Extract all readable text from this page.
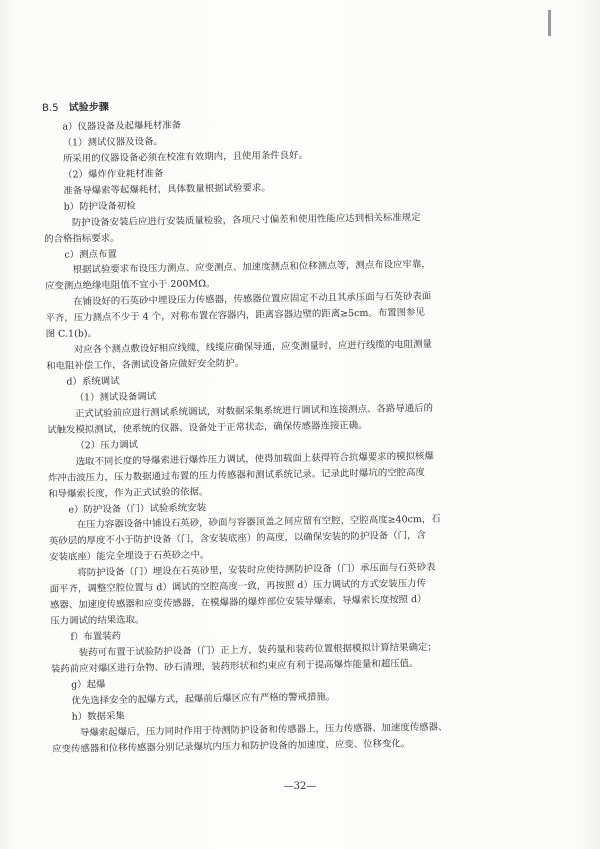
B.5 试验步骤
a）仪器设备及起爆耗材准备
（1）测试仪器及设备。
所采用的仪器设备必须在校准有效期内，且使用条件良好。
（2）爆炸作业耗材准备
准备导爆索等起爆耗材，具体数量根据试验要求。
b）防护设备初检
防护设备安装后应进行安装质量检验，各项尺寸偏差和使用性能应达到相关标准规定
的合格指标要求。
c）测点布置
根据试验要求布设压力测点、应变测点、加速度测点和位移测点等，测点布设应牢靠，
应变测点绝缘电阻值不宜小于 200MΩ。
在铺设好的石英砂中埋设压力传感器，传感器位置应固定不动且其承压面与石英砂表面
平齐，压力测点不少于 4 个，对称布置在容器内，距离容器边壁的距离≥5cm。布置图参见
图 C.1(b)。
对应各个测点敷设好相应线缆，线缆应确保导通，应变测量时，应进行线缆的电阻测量
和电阻补偿工作，各测试设备应做好安全防护。
d）系统调试
（1）测试设备调试
正式试验前应进行测试系统调试，对数据采集系统进行调试和连接测点、各路导通后的
试触发模拟测试，使系统的仪器、设备处于正常状态，确保传感器连接正确。
（2）压力调试
选取不同长度的导爆索进行爆炸压力调试，使得加载面上获得符合抗爆要求的模拟核爆
炸冲击波压力，压力数据通过布置的压力传感器和测试系统记录。记录此时爆坑的空腔高度
和导爆索长度，作为正式试验的依据。
e）防护设备（门）试验系统安装
在压力容器设备中铺设石英砂，砂面与容器顶盖之间应留有空腔，空腔高度≥40cm，石
英砂层的厚度不小于防护设备（门，含安装底座）的高度，以确保安装的防护设备（门，含
安装底座）能完全埋设于石英砂之中。
将防护设备（门）埋设在石英砂里，安装时应使待测防护设备（门）承压面与石英砂表
面平齐，调整空腔位置与 d）调试的空腔高度一致，再按照 d）压力调试的方式安装压力传
感器、加速度传感器和应变传感器，在模爆器的爆炸部位安装导爆索，导爆索长度按照 d）
压力调试的结果选取。
f）布置装药
装药可布置于试验防护设备（门）正上方，装药量和装药位置根据模拟计算结果确定；
装药前应对爆区进行杂物、砂石清理，装药形状和约束应有利于提高爆炸能量和超压值。
g）起爆
优先选择安全的起爆方式，起爆前后爆区应有严格的警戒措施。
h）数据采集
导爆索起爆后，压力同时作用于待测防护设备和传感器上，压力传感器、加速度传感器、
应变传感器和位移传感器分别记录爆坑内压力和防护设备的加速度、应变、位移变化。
—32—
